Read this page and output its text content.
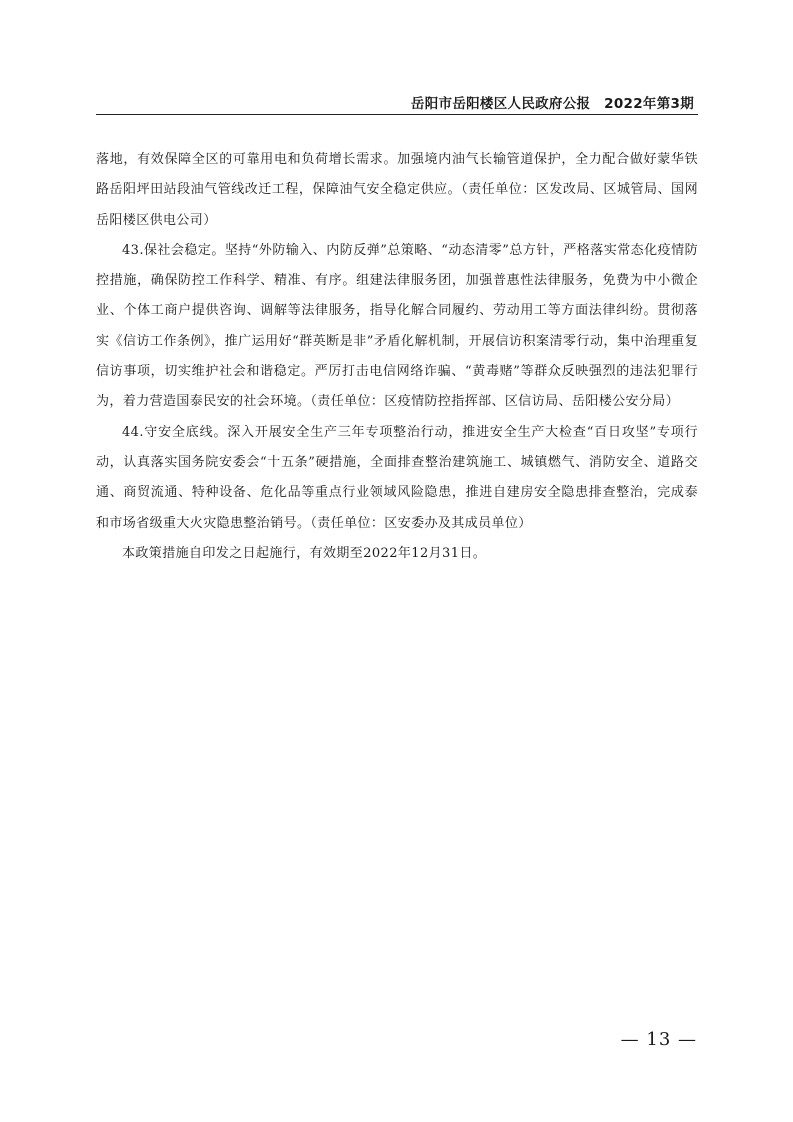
岳阳市岳阳楼区人民政府公报　2022年第3期

落地，有效保障全区的可靠用电和负荷增长需求。加强境内油气长输管道保护，全力配合做好蒙华铁路岳阳坪田站段油气管线改迁工程，保障油气安全稳定供应。（责任单位：区发改局、区城管局、国网岳阳楼区供电公司）

43.保社会稳定。坚持“外防输入、内防反弹”总策略、“动态清零”总方针，严格落实常态化疫情防控措施，确保防控工作科学、精准、有序。组建法律服务团，加强普惠性法律服务，免费为中小微企业、个体工商户提供咨询、调解等法律服务，指导化解合同履约、劳动用工等方面法律纠纷。贯彻落实《信访工作条例》，推广运用好“群英断是非”矛盾化解机制，开展信访积案清零行动，集中治理重复信访事项，切实维护社会和谐稳定。严厉打击电信网络诈骗、“黄毒赌”等群众反映强烈的违法犯罪行为，着力营造国泰民安的社会环境。（责任单位：区疫情防控指挥部、区信访局、岳阳楼公安分局）

44.守安全底线。深入开展安全生产三年专项整治行动，推进安全生产大检查“百日攻坚”专项行动，认真落实国务院安委会“十五条”硬措施，全面排查整治建筑施工、城镇燃气、消防安全、道路交通、商贸流通、特种设备、危化品等重点行业领域风险隐患，推进自建房安全隐患排查整治，完成泰和市场省级重大火灾隐患整治销号。（责任单位：区安委办及其成员单位）

本政策措施自印发之日起施行，有效期至2022年12月31日。

— 13 —
